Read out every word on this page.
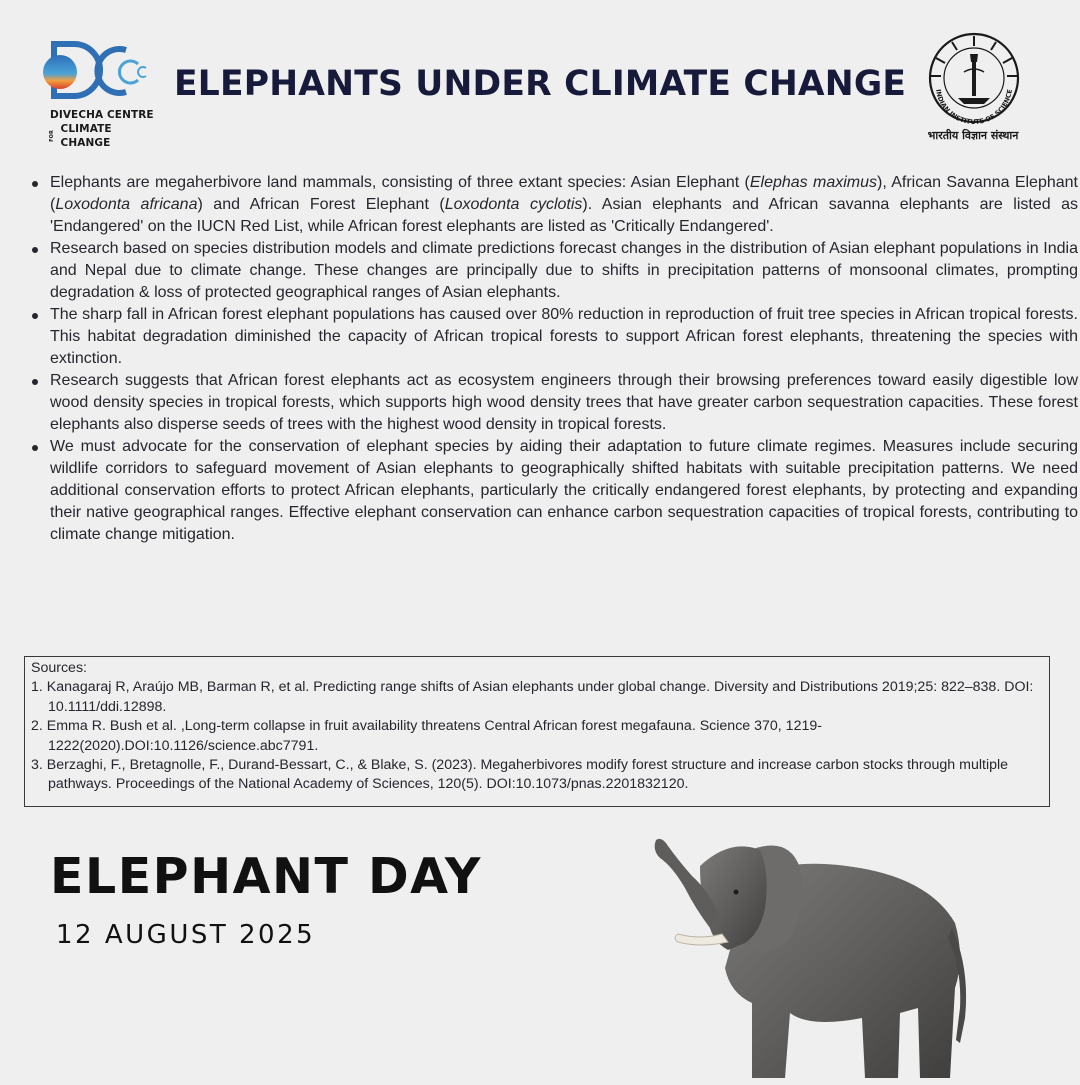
DIVECHA CENTRE
FOR
CLIMATE CHANGE
ELEPHANTS UNDER CLIMATE CHANGE	INDIAN INSTITUTE OF SCIENCE
भारतीय विज्ञान संस्थान
Elephants are megaherbivore land mammals, consisting of three extant species: Asian Elephant (Elephas maximus), African Savanna Elephant (Loxodonta africana) and African Forest Elephant (Loxodonta cyclotis). Asian elephants and African savanna elephants are listed as 'Endangered' on the IUCN Red List, while African forest elephants are listed as 'Critically Endangered'.
Research based on species distribution models and climate predictions forecast changes in the distribution of Asian elephant populations in India and Nepal due to climate change. These changes are principally due to shifts in precipitation patterns of monsoonal climates, prompting degradation & loss of protected geographical ranges of Asian elephants.
The sharp fall in African forest elephant populations has caused over 80% reduction in reproduction of fruit tree species in African tropical forests. This habitat degradation diminished the capacity of African tropical forests to support African forest elephants, threatening the species with extinction.
Research suggests that African forest elephants act as ecosystem engineers through their browsing preferences toward easily digestible low wood density species in tropical forests, which supports high wood density trees that have greater carbon sequestration capacities. These forest elephants also disperse seeds of trees with the highest wood density in tropical forests.
We must advocate for the conservation of elephant species by aiding their adaptation to future climate regimes. Measures include securing wildlife corridors to safeguard movement of Asian elephants to geographically shifted habitats with suitable precipitation patterns. We need additional conservation efforts to protect African elephants, particularly the critically endangered forest elephants, by protecting and expanding their native geographical ranges. Effective elephant conservation can enhance carbon sequestration capacities of tropical forests, contributing to climate change mitigation.
Sources:
1. Kanagaraj R, Araújo MB, Barman R, et al. Predicting range shifts of Asian elephants under global change. Diversity and Distributions 2019;25: 822–838. DOI: 10.1111/ddi.12898.
2. Emma R. Bush et al. ,Long-term collapse in fruit availability threatens Central African forest megafauna. Science 370, 1219-1222(2020).DOI:10.1126/science.abc7791.
3. Berzaghi, F., Bretagnolle, F., Durand-Bessart, C., & Blake, S. (2023). Megaherbivores modify forest structure and increase carbon stocks through multiple pathways. Proceedings of the National Academy of Sciences, 120(5). DOI:10.1073/pnas.2201832120.
ELEPHANT DAY
12 AUGUST 2025
